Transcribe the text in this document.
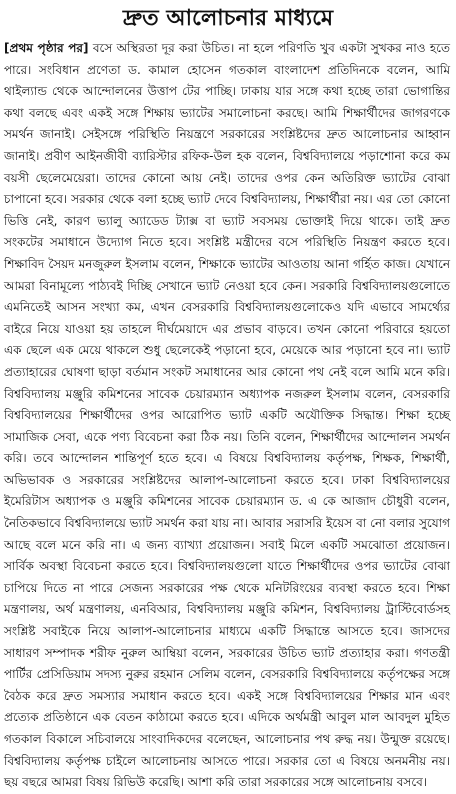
দ্রুত আলোচনার মাধ্যমে
[প্রথম পৃষ্ঠার পর] বসে অস্থিরতা দূর করা উচিত। না হলে পরিণতি খুব একটা সুখকর নাও হতে পারে। সংবিধান প্রণেতা ড. কামাল হোসেন গতকাল বাংলাদেশ প্রতিদিনকে বলেন, আমি থাইল্যান্ড থেকে আন্দোলনের উত্তাপ টের পাচ্ছি। ঢাকায় যার সঙ্গে কথা হচ্ছে তারা ভোগান্তির কথা বলছে এবং একই সঙ্গে শিক্ষায় ভ্যাটের সমালোচনা করছে। আমি শিক্ষার্থীদের জাগরণকে সমর্থন জানাই। সেইসঙ্গে পরিস্থিতি নিয়ন্ত্রণে সরকারের সংশ্লিষ্টদের দ্রুত আলোচনার আহ্বান জানাই। প্রবীণ আইনজীবী ব্যারিস্টার রফিক-উল হক বলেন, বিশ্ববিদ্যালয়ে পড়াশোনা করে কম বয়সী ছেলেমেয়েরা। তাদের কোনো আয় নেই। তাদের ওপর কেন অতিরিক্ত ভ্যাটের বোঝা চাপানো হবে। সরকার থেকে বলা হচ্ছে ভ্যাট দেবে বিশ্ববিদ্যালয়, শিক্ষার্থীরা নয়। এর তো কোনো ভিত্তি নেই, কারণ ভ্যালু অ্যাডেড ট্যাক্স বা ভ্যাট সবসময় ভোক্তাই দিয়ে থাকে। তাই দ্রুত সংকটের সমাধানে উদ্যোগ নিতে হবে। সংশ্লিষ্ট মন্ত্রীদের বসে পরিস্থিতি নিয়ন্ত্রণ করতে হবে। শিক্ষাবিদ সৈয়দ মনজুরুল ইসলাম বলেন, শিক্ষাকে ভ্যাটের আওতায় আনা গর্হিত কাজ। যেখানে আমরা বিনামূল্যে পাঠ্যবই দিচ্ছি সেখানে ভ্যাট নেওয়া হবে কেন। সরকারি বিশ্ববিদ্যালয়গুলোতে এমনিতেই আসন সংখ্যা কম, এখন বেসরকারি বিশ্ববিদ্যালয়গুলোকেও যদি এভাবে সামর্থ্যের বাইরে নিয়ে যাওয়া হয় তাহলে দীর্ঘমেয়াদে এর প্রভাব বাড়বে। তখন কোনো পরিবারে হয়তো এক ছেলে এক মেয়ে থাকলে শুধু ছেলেকেই পড়ানো হবে, মেয়েকে আর পড়ানো হবে না। ভ্যাট প্রত্যাহারের ঘোষণা ছাড়া বর্তমান সংকট সমাধানের আর কোনো পথ নেই বলে আমি মনে করি। বিশ্ববিদ্যালয় মঞ্জুরি কমিশনের সাবেক চেয়ারম্যান অধ্যাপক নজরুল ইসলাম বলেন, বেসরকারি বিশ্ববিদ্যালয়ের শিক্ষার্থীদের ওপর আরোপিত ভ্যাট একটি অযৌক্তিক সিদ্ধান্ত। শিক্ষা হচ্ছে সামাজিক সেবা, একে পণ্য বিবেচনা করা ঠিক নয়। তিনি বলেন, শিক্ষার্থীদের আন্দোলন সমর্থন করি। তবে আন্দোলন শান্তিপূর্ণ হতে হবে। এ বিষয়ে বিশ্ববিদ্যালয় কর্তৃপক্ষ, শিক্ষক, শিক্ষার্থী, অভিভাবক ও সরকারের সংশ্লিষ্টদের আলাপ-আলোচনা করতে হবে। ঢাকা বিশ্ববিদ্যালয়ের ইমেরিটাস অধ্যাপক ও মঞ্জুরি কমিশনের সাবেক চেয়ারম্যান ড. এ কে আজাদ চৌধুরী বলেন, নৈতিকভাবে বিশ্ববিদ্যালয়ে ভ্যাট সমর্থন করা যায় না। আবার সরাসরি ইয়েস বা নো বলার সুযোগ আছে বলে মনে করি না। এ জন্য ব্যাখ্যা প্রয়োজন। সবাই মিলে একটি সমঝোতা প্রয়োজন। সার্বিক অবস্থা বিবেচনা করতে হবে। বিশ্ববিদ্যালয়গুলো যাতে শিক্ষার্থীদের ওপর ভ্যাটের বোঝা চাপিয়ে দিতে না পারে সেজন্য সরকারের পক্ষ থেকে মনিটরিংয়ের ব্যবস্থা করতে হবে। শিক্ষা মন্ত্রণালয়, অর্থ মন্ত্রণালয়, এনবিআর, বিশ্ববিদ্যালয় মঞ্জুরি কমিশন, বিশ্ববিদ্যালয় ট্রাস্টিবোর্ডসহ সংশ্লিষ্ট সবাইকে নিয়ে আলাপ-আলোচনার মাধ্যমে একটি সিদ্ধান্তে আসতে হবে। জাসদের সাধারণ সম্পাদক শরীফ নুরুল আম্বিয়া বলেন, সরকারের উচিত ভ্যাট প্রত্যাহার করা। গণতন্ত্রী পার্টির প্রেসিডিয়াম সদস্য নুরুর রহমান সেলিম বলেন, বেসরকারি বিশ্ববিদ্যালয়ে কর্তৃপক্ষের সঙ্গে বৈঠক করে দ্রুত সমস্যার সমাধান করতে হবে। একই সঙ্গে বিশ্ববিদ্যালয়ের শিক্ষার মান এবং প্রত্যেক প্রতিষ্ঠানে এক বেতন কাঠামো করতে হবে। এদিকে অর্থমন্ত্রী আবুল মাল আবদুল মুহিত গতকাল বিকালে সচিবালয়ে সাংবাদিকদের বলেছেন, আলোচনার পথ রুদ্ধ নয়। উন্মুক্ত রয়েছে। বিশ্ববিদ্যালয় কর্তৃপক্ষ চাইলে আলোচনায় আসতে পারে। সরকার তো এ বিষয়ে অনমনীয় নয়। ছয় বছরে আমরা বিষয় রিভিউ করেছি। আশা করি তারা সরকারের সঙ্গে আলোচনায় বসবে।
